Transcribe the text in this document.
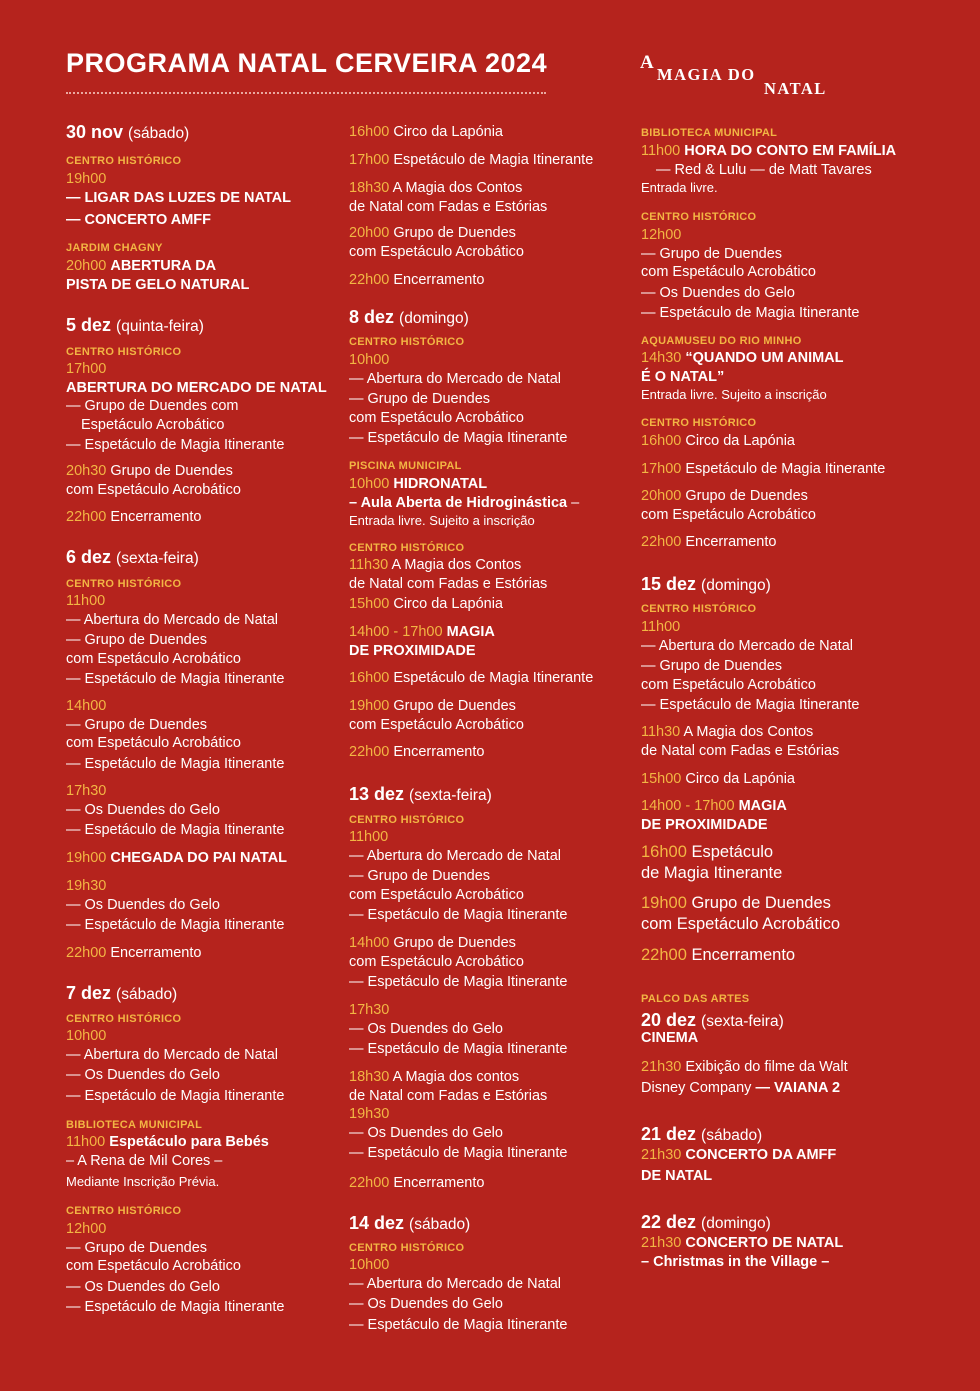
PROGRAMA NATAL CERVEIRA 2024	A
MAGIA DO
NATAL
30 nov (sábado)
CENTRO HISTÓRICO
19h00
— LIGAR DAS LUZES DE NATAL
— CONCERTO AMFF
JARDIM CHAGNY
20h00 ABERTURA DA
PISTA DE GELO NATURAL
5 dez (quinta-feira)
CENTRO HISTÓRICO
17h00
ABERTURA DO MERCADO DE NATAL
— Grupo de Duendes com
Espetáculo Acrobático
— Espetáculo de Magia Itinerante
20h30 Grupo de Duendes
com Espetáculo Acrobático
22h00 Encerramento
6 dez (sexta-feira)
CENTRO HISTÓRICO
11h00
— Abertura do Mercado de Natal
— Grupo de Duendes
com Espetáculo Acrobático
— Espetáculo de Magia Itinerante
14h00
— Grupo de Duendes
com Espetáculo Acrobático
— Espetáculo de Magia Itinerante
17h30
— Os Duendes do Gelo
— Espetáculo de Magia Itinerante
19h00 CHEGADA DO PAI NATAL
19h30
— Os Duendes do Gelo
— Espetáculo de Magia Itinerante
22h00 Encerramento
7 dez (sábado)
CENTRO HISTÓRICO
10h00
— Abertura do Mercado de Natal
— Os Duendes do Gelo
— Espetáculo de Magia Itinerante
BIBLIOTECA MUNICIPAL
11h00 Espetáculo para Bebés
– A Rena de Mil Cores –
Mediante Inscrição Prévia.
CENTRO HISTÓRICO
12h00
— Grupo de Duendes
com Espetáculo Acrobático
— Os Duendes do Gelo
— Espetáculo de Magia Itinerante
16h00 Circo da Lapónia
17h00 Espetáculo de Magia Itinerante
18h30 A Magia dos Contos
de Natal com Fadas e Estórias
20h00 Grupo de Duendes
com Espetáculo Acrobático
22h00 Encerramento
8 dez (domingo)
CENTRO HISTÓRICO
10h00
— Abertura do Mercado de Natal
— Grupo de Duendes
com Espetáculo Acrobático
— Espetáculo de Magia Itinerante
PISCINA MUNICIPAL
10h00 HIDRONATAL
– Aula Aberta de Hidroginástica –
Entrada livre. Sujeito a inscrição
CENTRO HISTÓRICO
11h30 A Magia dos Contos
de Natal com Fadas e Estórias
15h00 Circo da Lapónia
14h00 - 17h00 MAGIA
DE PROXIMIDADE
16h00 Espetáculo de Magia Itinerante
19h00 Grupo de Duendes
com Espetáculo Acrobático
22h00 Encerramento
13 dez (sexta-feira)
CENTRO HISTÓRICO
11h00
— Abertura do Mercado de Natal
— Grupo de Duendes
com Espetáculo Acrobático
— Espetáculo de Magia Itinerante
14h00 Grupo de Duendes
com Espetáculo Acrobático
— Espetáculo de Magia Itinerante
17h30
— Os Duendes do Gelo
— Espetáculo de Magia Itinerante
18h30 A Magia dos contos
de Natal com Fadas e Estórias
19h30
— Os Duendes do Gelo
— Espetáculo de Magia Itinerante
22h00 Encerramento
14 dez (sábado)
CENTRO HISTÓRICO
10h00
— Abertura do Mercado de Natal
— Os Duendes do Gelo
— Espetáculo de Magia Itinerante
BIBLIOTECA MUNICIPAL
11h00 HORA DO CONTO EM FAMÍLIA
— Red & Lulu — de Matt Tavares
Entrada livre.
CENTRO HISTÓRICO
12h00
— Grupo de Duendes
com Espetáculo Acrobático
— Os Duendes do Gelo
— Espetáculo de Magia Itinerante
AQUAMUSEU DO RIO MINHO
14h30 “QUANDO UM ANIMAL
É O NATAL”
Entrada livre. Sujeito a inscrição
CENTRO HISTÓRICO
16h00 Circo da Lapónia
17h00 Espetáculo de Magia Itinerante
20h00 Grupo de Duendes
com Espetáculo Acrobático
22h00 Encerramento
15 dez (domingo)
CENTRO HISTÓRICO
11h00
— Abertura do Mercado de Natal
— Grupo de Duendes
com Espetáculo Acrobático
— Espetáculo de Magia Itinerante
11h30 A Magia dos Contos
de Natal com Fadas e Estórias
15h00 Circo da Lapónia
14h00 - 17h00 MAGIA
DE PROXIMIDADE
16h00 Espetáculo
de Magia Itinerante
19h00 Grupo de Duendes
com Espetáculo Acrobático
22h00 Encerramento
PALCO DAS ARTES
20 dez (sexta-feira)
CINEMA
21h30 Exibição do filme da Walt
Disney Company — VAIANA 2
21 dez (sábado)
21h30 CONCERTO DA AMFF
DE NATAL
22 dez (domingo)
21h30 CONCERTO DE NATAL
– Christmas in the Village –
